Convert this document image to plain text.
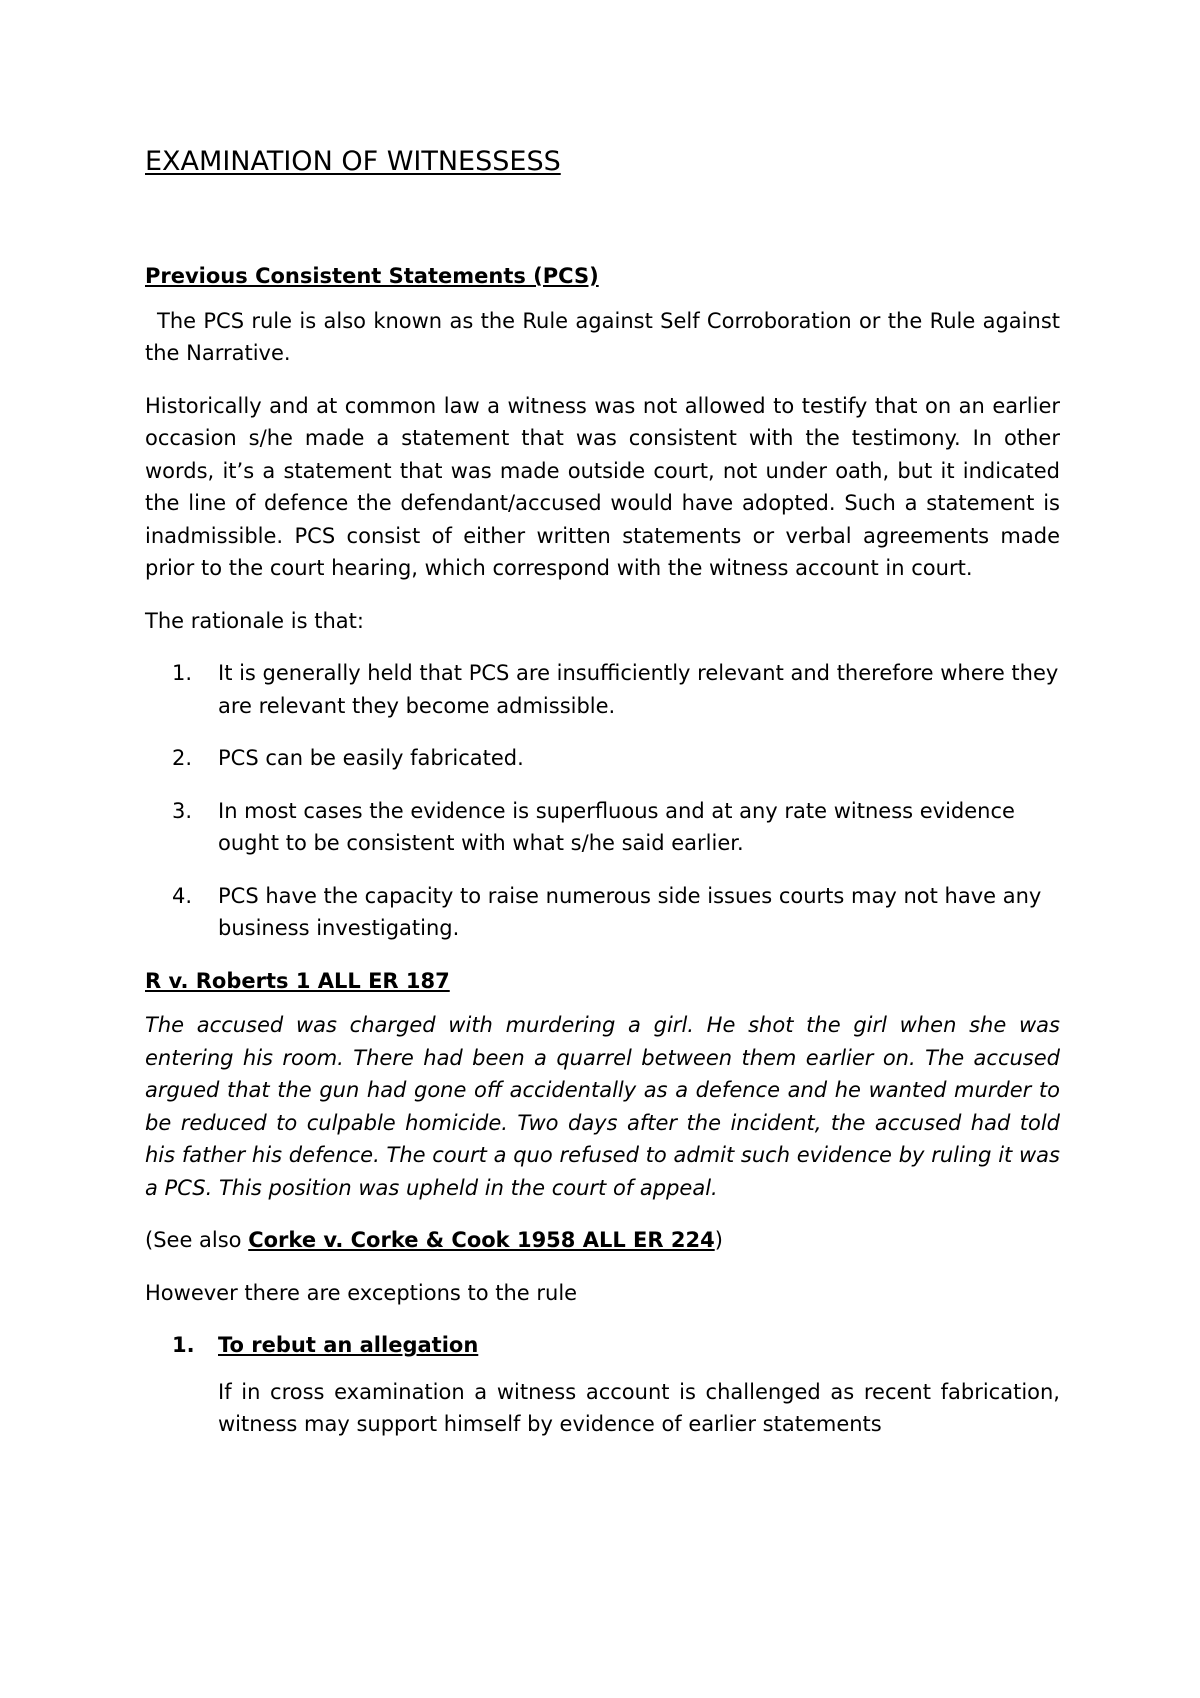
EXAMINATION OF WITNESSESS
Previous Consistent Statements (PCS)

The PCS rule is also known as the Rule against Self Corroboration or the Rule against the Narrative.

Historically and at common law a witness was not allowed to testify that on an earlier occasion s/he made a statement that was consistent with the testimony. In other words, it’s a statement that was made outside court, not under oath, but it indicated the line of defence the defendant/accused would have adopted. Such a statement is inadmissible. PCS consist of either written statements or verbal agreements made prior to the court hearing, which correspond with the witness account in court.

The rationale is that:

1. It is generally held that PCS are insufficiently relevant and therefore where they are relevant they become admissible.
2. PCS can be easily fabricated.
3. In most cases the evidence is superfluous and at any rate witness evidence ought to be consistent with what s/he said earlier.
4. PCS have the capacity to raise numerous side issues courts may not have any business investigating.
R v. Roberts 1 ALL ER 187

The accused was charged with murdering a girl. He shot the girl when she was entering his room. There had been a quarrel between them earlier on. The accused argued that the gun had gone off accidentally as a defence and he wanted murder to be reduced to culpable homicide. Two days after the incident, the accused had told his father his defence. The court a quo refused to admit such evidence by ruling it was a PCS. This position was upheld in the court of appeal.

(See also Corke v. Corke & Cook 1958 ALL ER 224)

However there are exceptions to the rule

1. To rebut an allegation

If in cross examination a witness account is challenged as recent fabrication, witness may support himself by evidence of earlier statements
